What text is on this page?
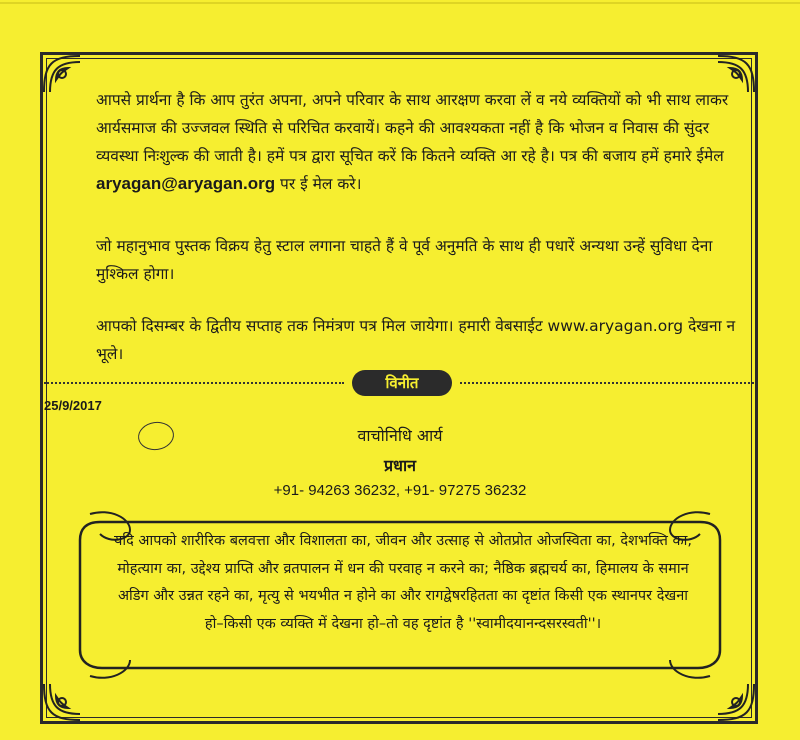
आपसे प्रार्थना है कि आप तुरंत अपना, अपने परिवार के साथ आरक्षण करवा लें व नये व्यक्तियों को भी साथ लाकर आर्यसमाज की उज्जवल स्थिति से परिचित करवायें। कहने की आवश्यकता नहीं है कि भोजन व निवास की सुंदर व्यवस्था निःशुल्क की जाती है। हमें पत्र द्वारा सूचित करें कि कितने व्यक्ति आ रहे है। पत्र की बजाय हमें हमारे ईमेल aryagan@aryagan.org पर ई मेल करे।
जो महानुभाव पुस्तक विक्रय हेतु स्टाल लगाना चाहते हैं वे पूर्व अनुमति के साथ ही पधारें अन्यथा उन्हें सुविधा देना मुश्किल होगा।
आपको दिसम्बर के द्वितीय सप्ताह तक निमंत्रण पत्र मिल जायेगा। हमारी वेबसाईट www.aryagan.org देखना न भूले।
विनीत
25/9/2017
वाचोनिधि आर्य
प्रधान
+91- 94263 36232, +91- 97275 36232
यदि आपको शारीरिक बलवत्ता और विशालता का, जीवन और उत्साह से ओतप्रोत ओजस्विता का, देशभक्ति का, मोहत्याग का, उद्देश्य प्राप्ति और व्रतपालन में धन की परवाह न करने का; नैष्ठिक ब्रह्मचर्य का, हिमालय के समान अडिग और उन्नत रहने का, मृत्यु से भयभीत न होने का और रागद्वेषरहितता का दृष्टांत किसी एक स्थानपर देखना हो–किसी एक व्यक्ति में देखना हो–तो वह दृष्टांत है ''स्वामीदयानन्दसरस्वती''।
